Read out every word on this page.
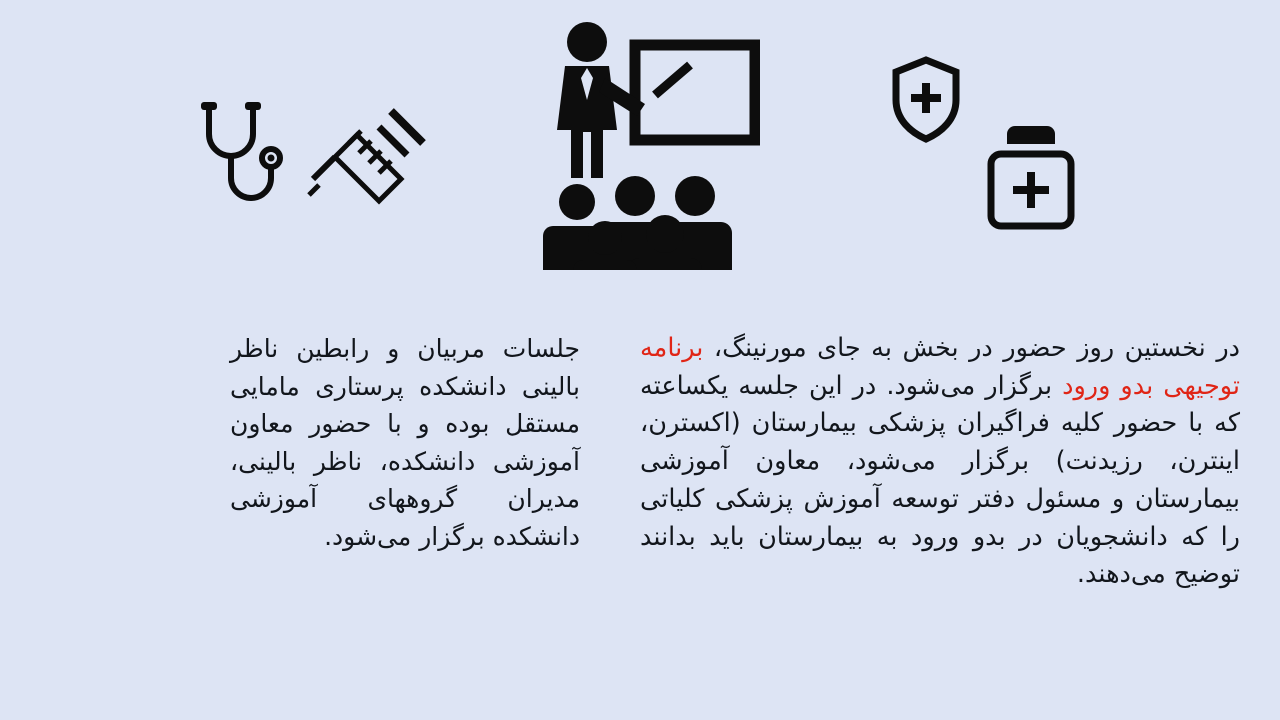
در نخستین روز حضور در بخش به جای مورنینگ، برنامه توجیهی بدو ورود برگزار می‌شود. در این جلسه یکساعته که با حضور کلیه فراگیران پزشکی بیمارستان (اکسترن، اینترن، رزیدنت) برگزار می‌شود، معاون آموزشی بیمارستان و مسئول دفتر توسعه آموزش پزشکی کلیاتی را که دانشجویان در بدو ورود به بیمارستان باید بدانند توضیح می‌دهند.

جلسات مربیان و رابطین ناظر بالینی دانشکده پرستاری مامایی مستقل بوده و با حضور معاون آموزشی دانشکده، ناظر بالینی، مدیران گروههای آموزشی دانشکده برگزار می‌شود.
